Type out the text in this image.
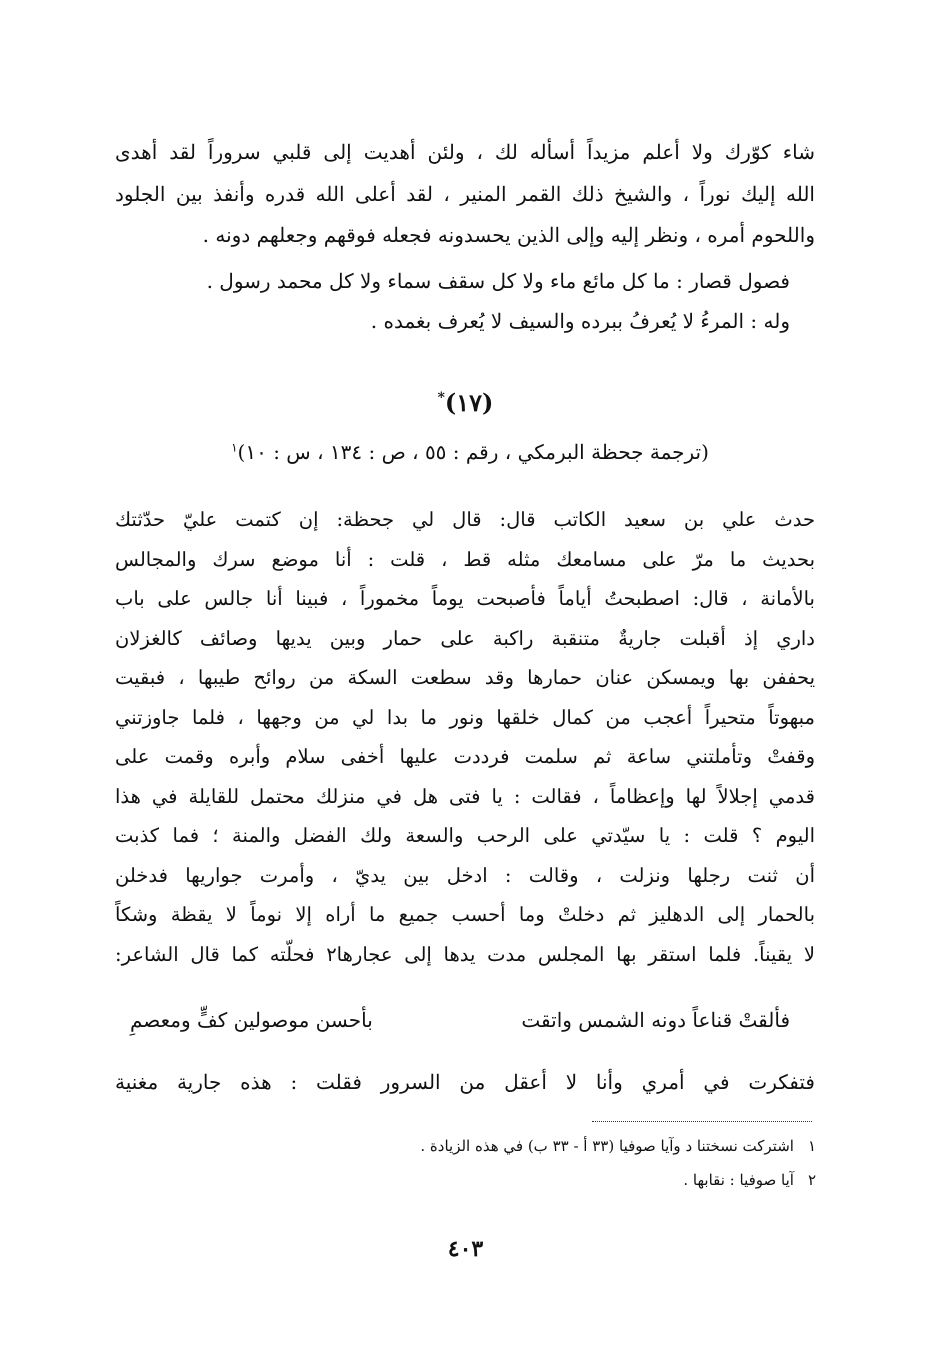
شاء كوّرك ولا أعلم مزيداً أسأله لك ، ولئن أهديت إلى قلبي سروراً لقد أهدى
الله إليك نوراً ، والشيخ ذلك القمر المنير ، لقد أعلى الله قدره وأنفذ بين الجلود
واللحوم أمره ، ونظر إليه وإلى الذين يحسدونه فجعله فوقهم وجعلهم دونه .
فصول قصار : ما كل مائع ماء ولا كل سقف سماء ولا كل محمد رسول .
وله : المرءُ لا يُعرفُ ببرده والسيف لا يُعرف بغمده .
(١٧)*
(ترجمة جحظة البرمكي ، رقم : ٥٥ ، ص : ١٣٤ ، س : ١٠)$^١$
حدث علي بن سعيد الكاتب قال: قال لي جحظة: إن كتمت عليّ حدّثتك
بحديث ما مرّ على مسامعك مثله قط ، قلت : أنا موضع سرك والمجالس
بالأمانة ، قال: اصطبحتُ أياماً فأصبحت يوماً مخموراً ، فبينا أنا جالس على باب
داري إذ أقبلت جاريةٌ متنقبة راكبة على حمار وبين يديها وصائف كالغزلان
يحففن بها ويمسكن عنان حمارها وقد سطعت السكة من روائح طيبها ، فبقيت
مبهوتاً متحيراً أعجب من كمال خلقها ونور ما بدا لي من وجهها ، فلما جاوزتني
وقفتْ وتأملتني ساعة ثم سلمت فرددت عليها أخفى سلام وأبره وقمت على
قدمي إجلالاً لها وإعظاماً ، فقالت : يا فتى هل في منزلك محتمل للقايلة في هذا
اليوم ؟ قلت : يا سيّدتي على الرحب والسعة ولك الفضل والمنة ؛ فما كذبت
أن ثنت رجلها ونزلت ، وقالت : ادخل بين يديّ ، وأمرت جواريها فدخلن
بالحمار إلى الدهليز ثم دخلتْ وما أحسب جميع ما أراه إلا نوماً لا يقظة وشكاً
لا يقيناً. فلما استقر بها المجلس مدت يدها إلى عجارها٢ فحلّته كما قال الشاعر:
فألقتْ قناعاً دونه الشمس واتقت
بأحسن موصولين كفٍّ ومعصمِ
فتفكرت في أمري وأنا لا أعقل من السرور فقلت : هذه جارية مغنية
١اشتركت نسختنا د وآيا صوفيا (٣٣ أ - ٣٣ ب) في هذه الزيادة .
٢آيا صوفيا : نقابها .
٤٠٣
